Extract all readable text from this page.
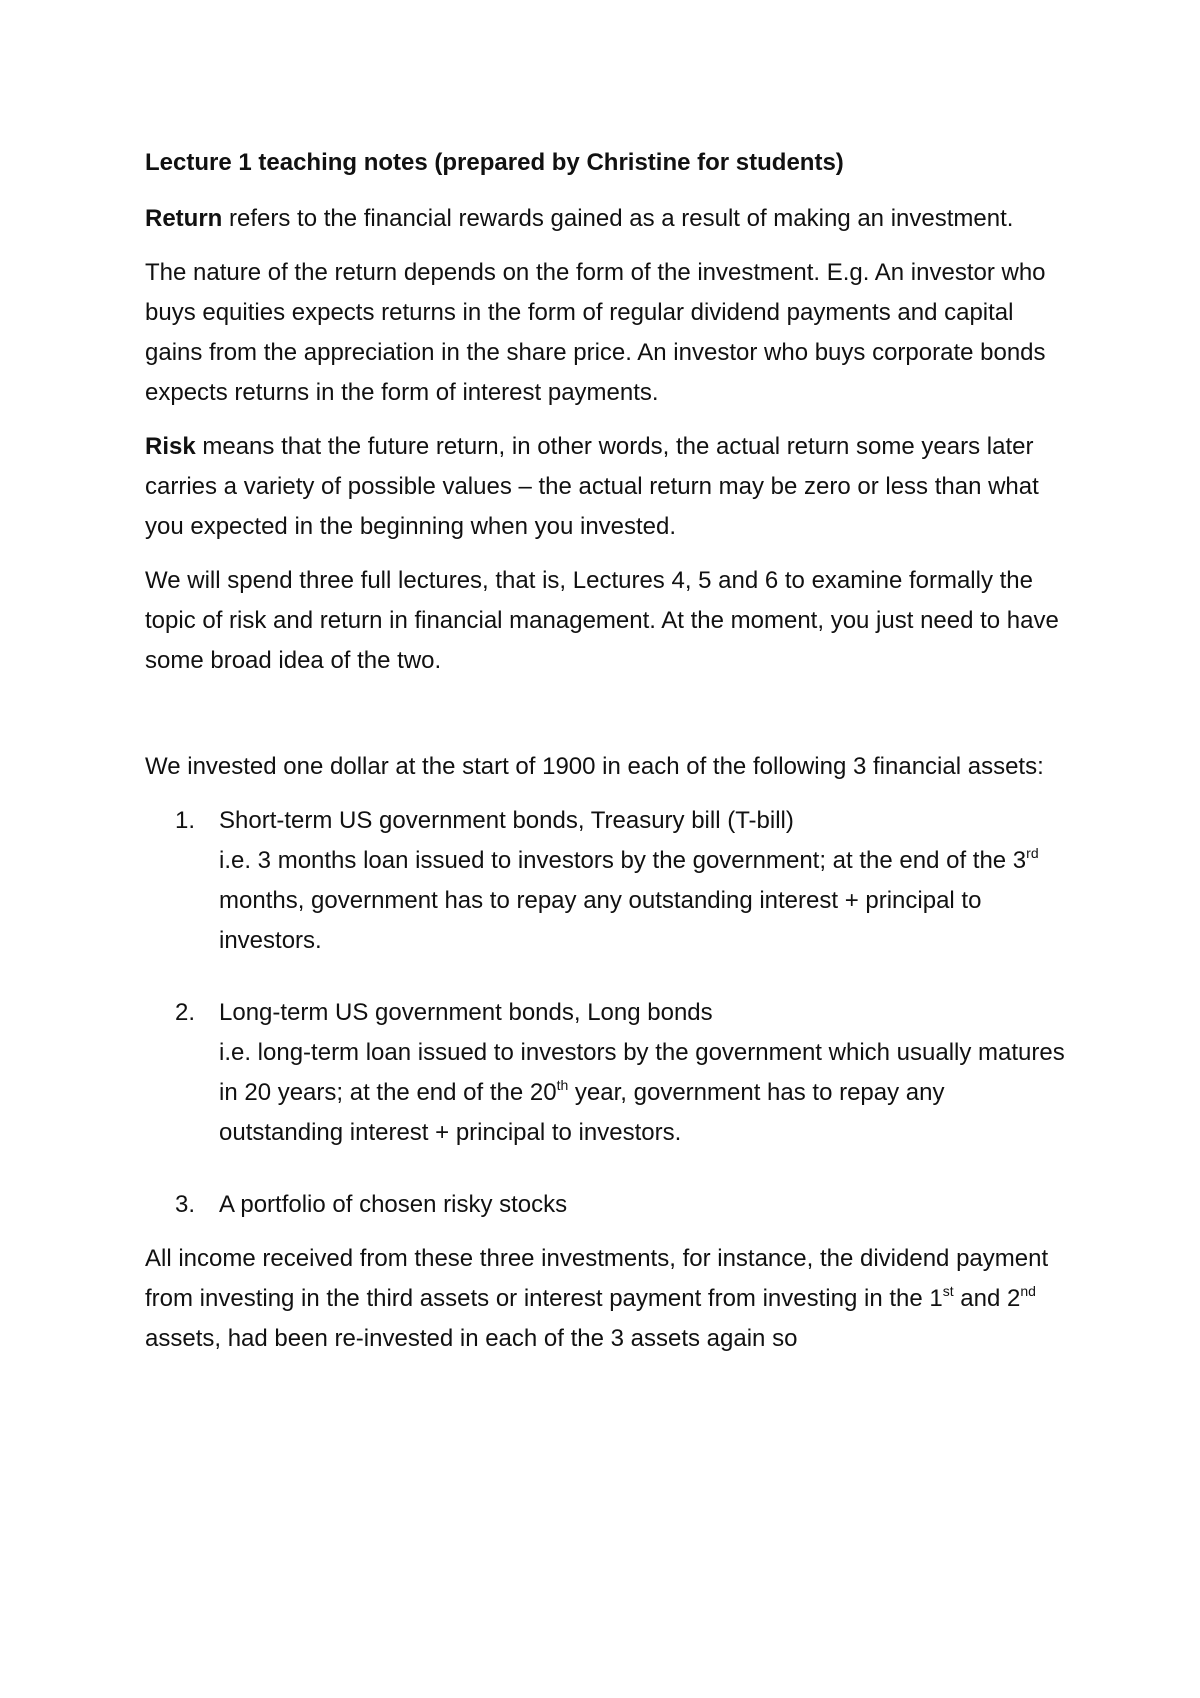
Lecture 1 teaching notes (prepared by Christine for students)

Return refers to the financial rewards gained as a result of making an investment.

The nature of the return depends on the form of the investment. E.g. An investor who buys equities expects returns in the form of regular dividend payments and capital gains from the appreciation in the share price. An investor who buys corporate bonds expects returns in the form of interest payments.

Risk means that the future return, in other words, the actual return some years later carries a variety of possible values – the actual return may be zero or less than what you expected in the beginning when you invested.

We will spend three full lectures, that is, Lectures 4, 5 and 6 to examine formally the topic of risk and return in financial management. At the moment, you just need to have some broad idea of the two.

We invested one dollar at the start of 1900 in each of the following 3 financial assets:

1. Short-term US government bonds, Treasury bill (T-bill)
i.e. 3 months loan issued to investors by the government; at the end of the 3rd months, government has to repay any outstanding interest + principal to investors.
2. Long-term US government bonds, Long bonds
i.e. long-term loan issued to investors by the government which usually matures in 20 years; at the end of the 20th year, government has to repay any outstanding interest + principal to investors.
3. A portfolio of chosen risky stocks

All income received from these three investments, for instance, the dividend payment from investing in the third assets or interest payment from investing in the 1st and 2nd assets, had been re-invested in each of the 3 assets again so
